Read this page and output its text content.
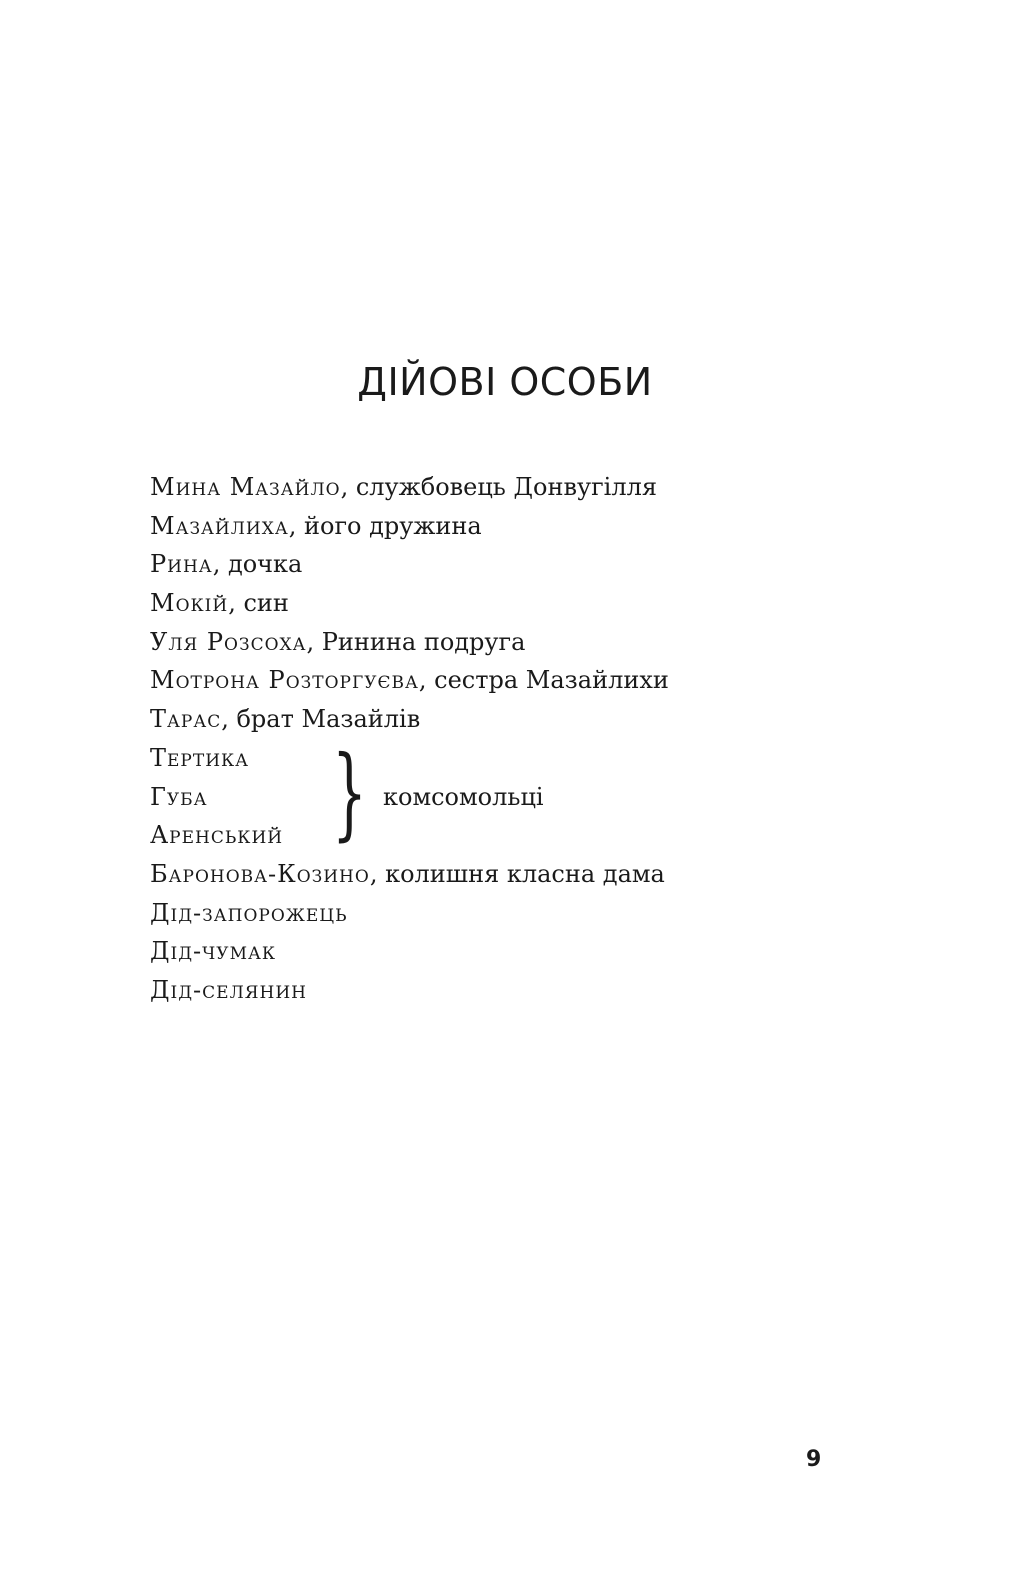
ДІЙОВІ ОСОБИ
Мина Мазайло, службовець Донвугілля
Мазайлиха, його дружина
Рина, дочка
Мокій, син
Уля Розсоха, Ринина подруга
Мотрона Розторгуєва, сестра Мазайлихи
Тарас, брат Мазайлів
Тертика
Губа
Аренський } комсомольці
Баронова-Козино, колишня класна дама
Дід-запорожець
Дід-чумак
Дід-селянин
9
